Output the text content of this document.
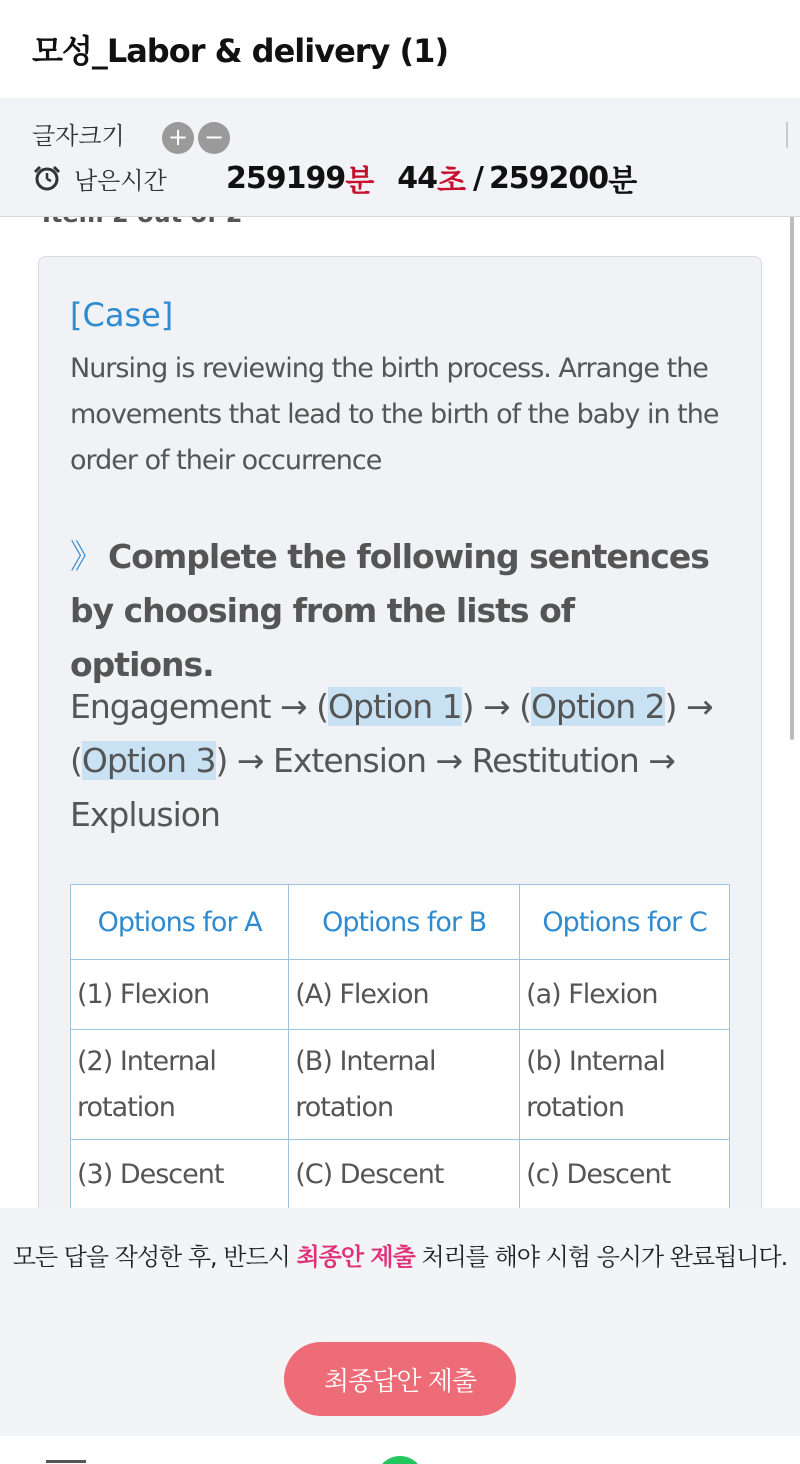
모성_Labor & delivery (1)
글자크기
남은시간 259199 분 44 초 / 259200 분
+ −
[Case]
Nursing is reviewing the birth process. Arrange the movements that lead to the birth of the baby in the order of their occurrence
》 Complete the following sentences by choosing from the lists of options.
Engagement → (Option 1) → (Option 2) → (Option 3) → Extension → Restitution → Explusion
Options for A	Options for B	Options for C
(1) Flexion	(A) Flexion	(a) Flexion
(2) Internal rotation	(B) Internal rotation	(b) Internal rotation
(3) Descent	(C) Descent	(c) Descent
모든 답을 작성한 후, 반드시 최종안 제출 처리를 해야 시험 응시가 완료됩니다.
최종답안 제출
